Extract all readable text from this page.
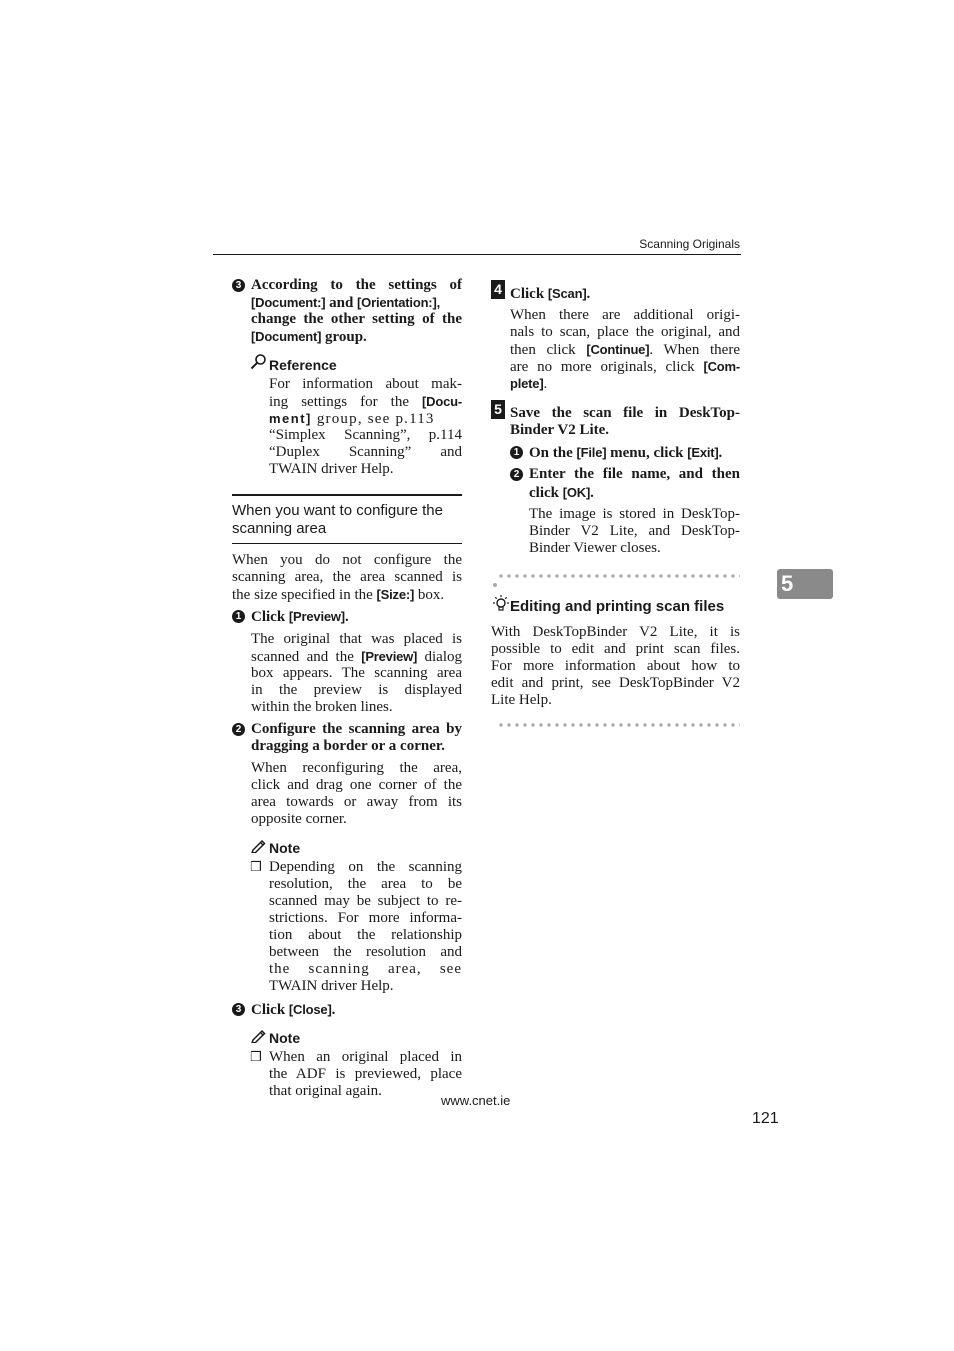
Scanning Originals
3 According to the settings of
[Document:] and [Orientation:],
change the other setting of the
[Document] group.
Reference
For information about mak-
ing settings for the [Docu-
ment] group, see p.113
“Simplex Scanning”, p.114
“Duplex Scanning” and
TWAIN driver Help.
When you want to configure the
scanning area
When you do not configure the
scanning area, the area scanned is
the size specified in the [Size:] box.
1 Click [Preview].
The original that was placed is
scanned and the [Preview] dialog
box appears. The scanning area
in the preview is displayed
within the broken lines.
2 Configure the scanning area by
dragging a border or a corner.
When reconfiguring the area,
click and drag one corner of the
area towards or away from its
opposite corner.
Note
❒ Depending on the scanning
resolution, the area to be
scanned may be subject to re-
strictions. For more informa-
tion about the relationship
between the resolution and
the scanning area, see
TWAIN driver Help.
3 Click [Close].
Note
❒ When an original placed in
the ADF is previewed, place
that original again.
4 Click [Scan].
When there are additional origi-
nals to scan, place the original, and
then click [Continue]. When there
are no more originals, click [Com-
plete].
5 Save the scan file in DeskTop-
Binder V2 Lite.
1 On the [File] menu, click [Exit].
2 Enter the file name, and then
click [OK].
The image is stored in DeskTop-
Binder V2 Lite, and DeskTop-
Binder Viewer closes.
Editing and printing scan files
With DeskTopBinder V2 Lite, it is
possible to edit and print scan files.
For more information about how to
edit and print, see DeskTopBinder V2
Lite Help.
5
www.cnet.ie
121
